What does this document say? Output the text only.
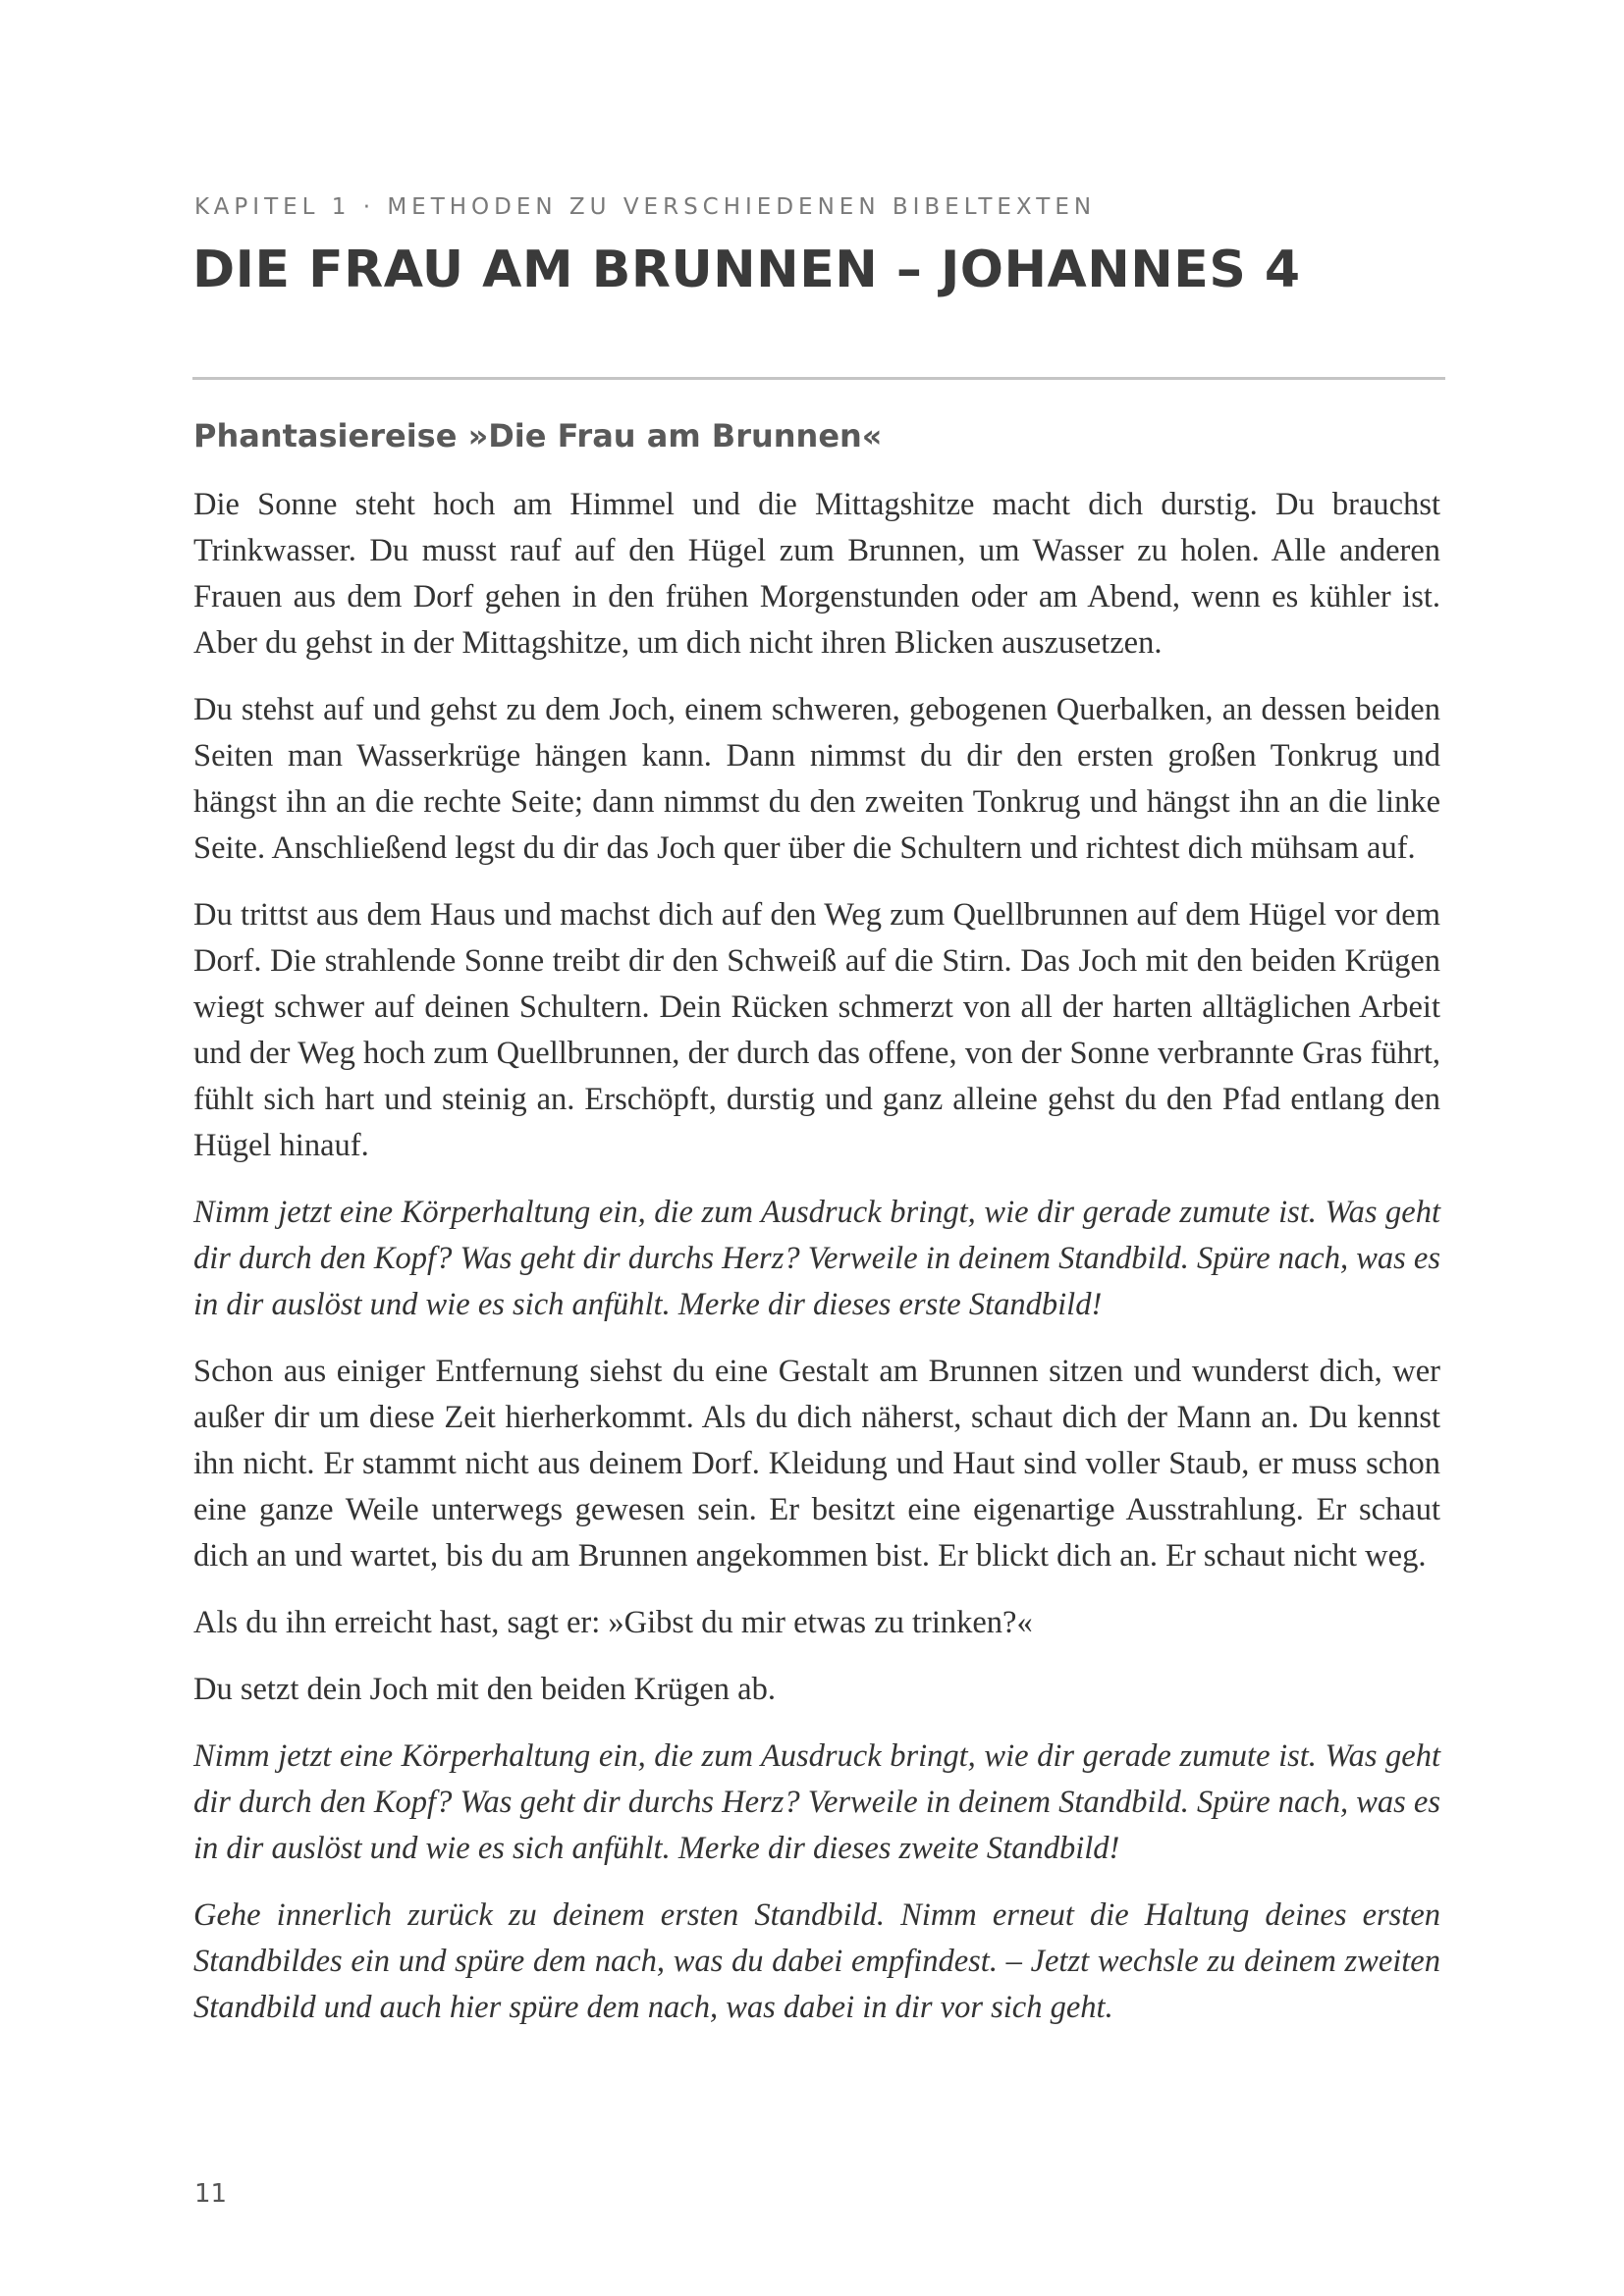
KAPITEL 1 · METHODEN ZU VERSCHIEDENEN BIBELTEXTEN
DIE FRAU AM BRUNNEN – JOHANNES 4
Phantasiereise »Die Frau am Brunnen«

Die Sonne steht hoch am Himmel und die Mittagshitze macht dich durstig. Du brauchst Trinkwasser. Du musst rauf auf den Hügel zum Brunnen, um Wasser zu holen. Alle anderen Frauen aus dem Dorf gehen in den frühen Morgenstunden oder am Abend, wenn es kühler ist. Aber du gehst in der Mittagshitze, um dich nicht ihren Blicken auszusetzen.

Du stehst auf und gehst zu dem Joch, einem schweren, gebogenen Querbalken, an dessen beiden Seiten man Wasserkrüge hängen kann. Dann nimmst du dir den ersten großen Tonkrug und hängst ihn an die rechte Seite; dann nimmst du den zweiten Tonkrug und hängst ihn an die linke Seite. Anschließend legst du dir das Joch quer über die Schultern und richtest dich mühsam auf.

Du trittst aus dem Haus und machst dich auf den Weg zum Quellbrunnen auf dem Hügel vor dem Dorf. Die strahlende Sonne treibt dir den Schweiß auf die Stirn. Das Joch mit den beiden Krügen wiegt schwer auf deinen Schultern. Dein Rücken schmerzt von all der harten alltäglichen Arbeit und der Weg hoch zum Quellbrunnen, der durch das offene, von der Sonne verbrannte Gras führt, fühlt sich hart und steinig an. Erschöpft, durstig und ganz alleine gehst du den Pfad entlang den Hügel hinauf.

Nimm jetzt eine Körperhaltung ein, die zum Ausdruck bringt, wie dir gerade zumute ist. Was geht dir durch den Kopf? Was geht dir durchs Herz? Verweile in deinem Standbild. Spüre nach, was es in dir auslöst und wie es sich anfühlt. Merke dir dieses erste Standbild!

Schon aus einiger Entfernung siehst du eine Gestalt am Brunnen sitzen und wunderst dich, wer außer dir um diese Zeit hierherkommt. Als du dich näherst, schaut dich der Mann an. Du kennst ihn nicht. Er stammt nicht aus deinem Dorf. Kleidung und Haut sind voller Staub, er muss schon eine ganze Weile unterwegs gewesen sein. Er besitzt eine eigenartige Ausstrahlung. Er schaut dich an und wartet, bis du am Brunnen angekommen bist. Er blickt dich an. Er schaut nicht weg.

Als du ihn erreicht hast, sagt er: »Gibst du mir etwas zu trinken?«

Du setzt dein Joch mit den beiden Krügen ab.

Nimm jetzt eine Körperhaltung ein, die zum Ausdruck bringt, wie dir gerade zumute ist. Was geht dir durch den Kopf? Was geht dir durchs Herz? Verweile in deinem Standbild. Spüre nach, was es in dir auslöst und wie es sich anfühlt. Merke dir dieses zweite Standbild!

Gehe innerlich zurück zu deinem ersten Standbild. Nimm erneut die Haltung deines ersten Standbildes ein und spüre dem nach, was du dabei empfindest. – Jetzt wechsle zu deinem zweiten Standbild und auch hier spüre dem nach, was dabei in dir vor sich geht.

11
